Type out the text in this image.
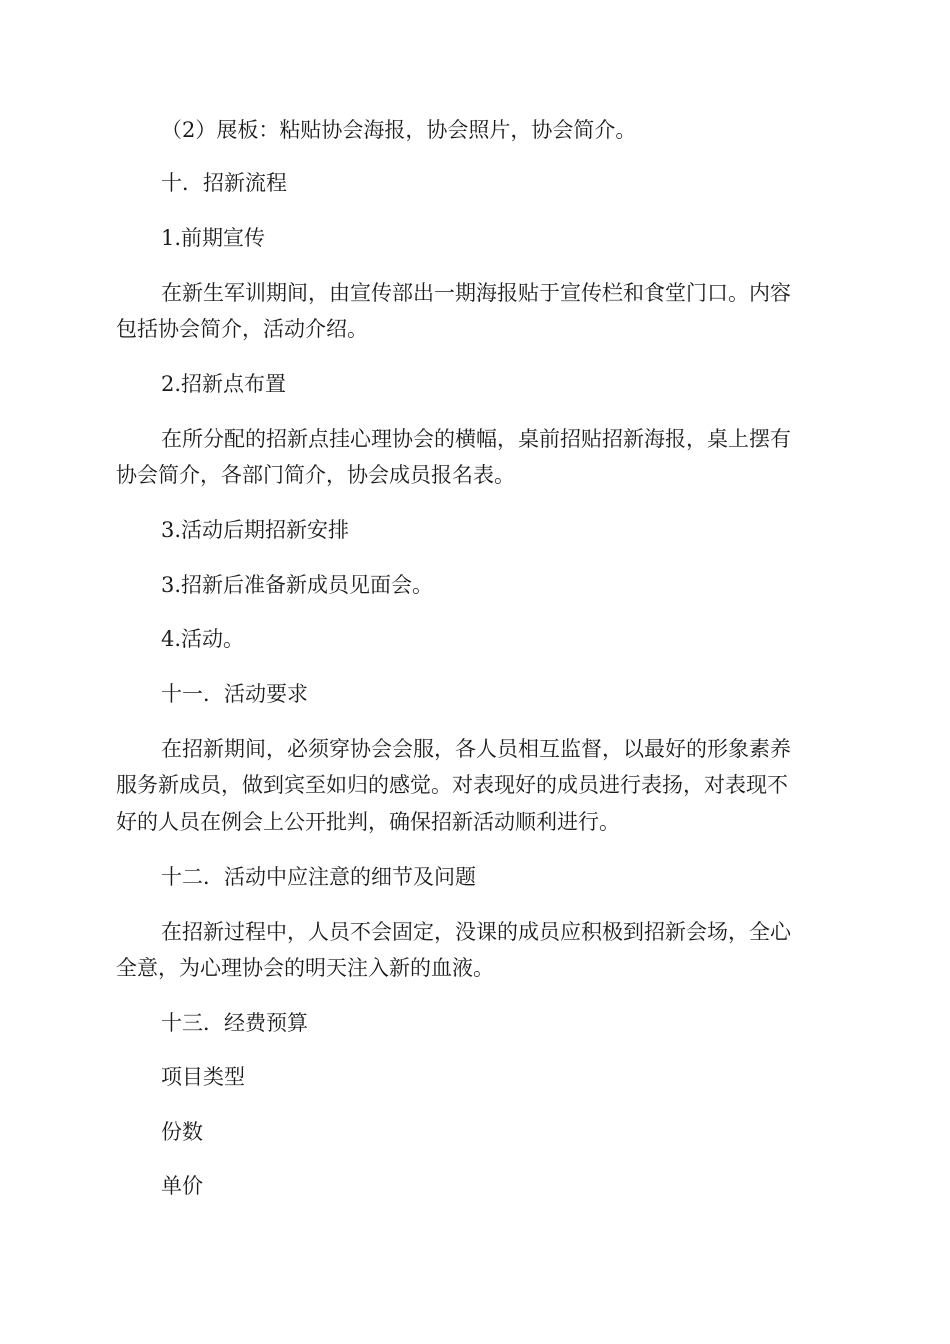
（2）展板：粘贴协会海报，协会照片，协会简介。
十．招新流程
1.前期宣传
在新生军训期间，由宣传部出一期海报贴于宣传栏和食堂门口。内容
包括协会简介，活动介绍。
2.招新点布置
在所分配的招新点挂心理协会的横幅，桌前招贴招新海报，桌上摆有
协会简介，各部门简介，协会成员报名表。
3.活动后期招新安排
3.招新后准备新成员见面会。
4.活动。
十一．活动要求
在招新期间，必须穿协会会服，各人员相互监督，以最好的形象素养
服务新成员，做到宾至如归的感觉。对表现好的成员进行表扬，对表现不
好的人员在例会上公开批判，确保招新活动顺利进行。
十二．活动中应注意的细节及问题
在招新过程中，人员不会固定，没课的成员应积极到招新会场，全心
全意，为心理协会的明天注入新的血液。
十三．经费预算
项目类型
份数
单价
